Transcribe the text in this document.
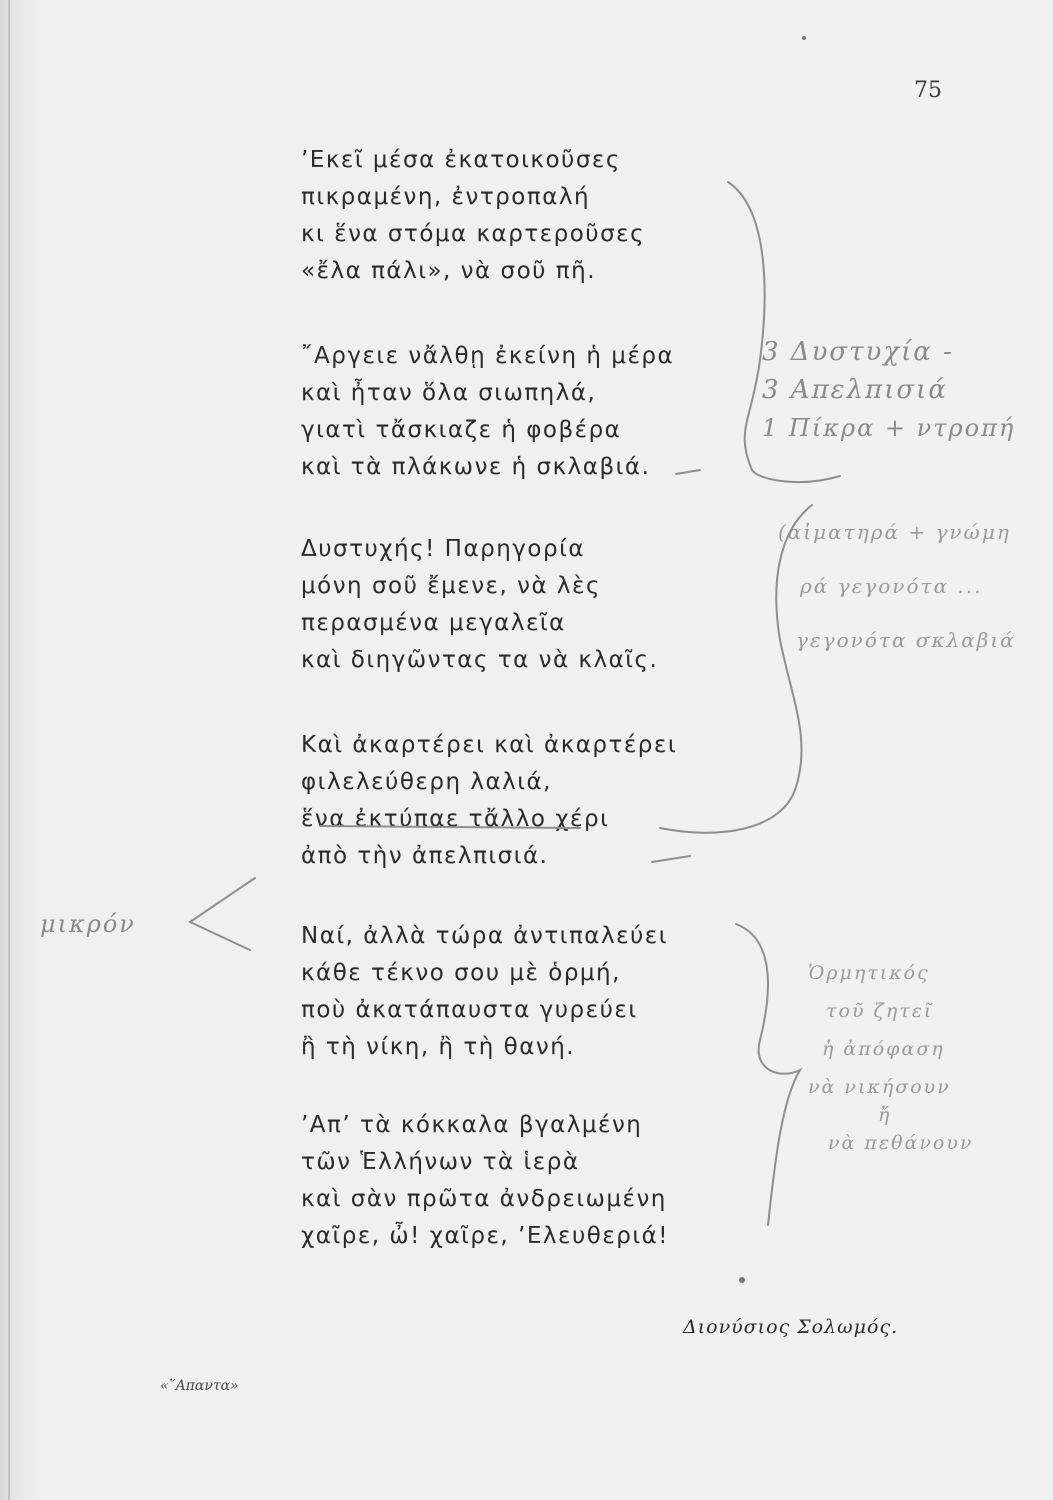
75
’Εκεῖ μέσα ἐκατοικοῦσες
πικραμένη, ἐντροπαλή
κι ἕνα στόμα καρτεροῦσες
«ἔλα πάλι», νὰ σοῦ πῆ.
῎Αργειε νἄλθῃ ἐκείνη ἡ μέρα
καὶ ἦταν ὅλα σιωπηλά,
γιατὶ τἄσκιαζε ἡ φοβέρα
καὶ τὰ πλάκωνε ἡ σκλαβιά.
Δυστυχής! Παρηγορία
μόνη σοῦ ἔμενε, νὰ λὲς
περασμένα μεγαλεῖα
καὶ διηγῶντας τα νὰ κλαῖς.
Καὶ ἀκαρτέρει καὶ ἀκαρτέρει
φιλελεύθερη λαλιά,
ἕνα ἐκτύπαε τἄλλο χέρι
ἀπὸ τὴν ἀπελπισιά.
Ναί, ἀλλὰ τώρα ἀντιπαλεύει
κάθε τέκνο σου μὲ ὁρμή,
ποὺ ἀκατάπαυστα γυρεύει
ἢ τὴ νίκη, ἢ τὴ θανή.
’Απ’ τὰ κόκκαλα βγαλμένη
τῶν Ἑλλήνων τὰ ἱερὰ
καὶ σὰν πρῶτα ἀνδρειωμένη
χαῖρε, ὦ! χαῖρε, ’Ελευθεριά!
Διονύσιος Σολωμός.
«῞Απαντα»
3 Δυστυχία -
3 Απελπισιά
1 Πίκρα + ντροπή
(αἱματηρά + γνώμη
ρά γεγονότα ...
γεγονότα σκλαβιά
Ὁρμητικός
τοῦ ζητεῖ
ἡ ἀπόφαση
νὰ νικήσουν
ἤ
νὰ πεθάνουν
μικρόν
